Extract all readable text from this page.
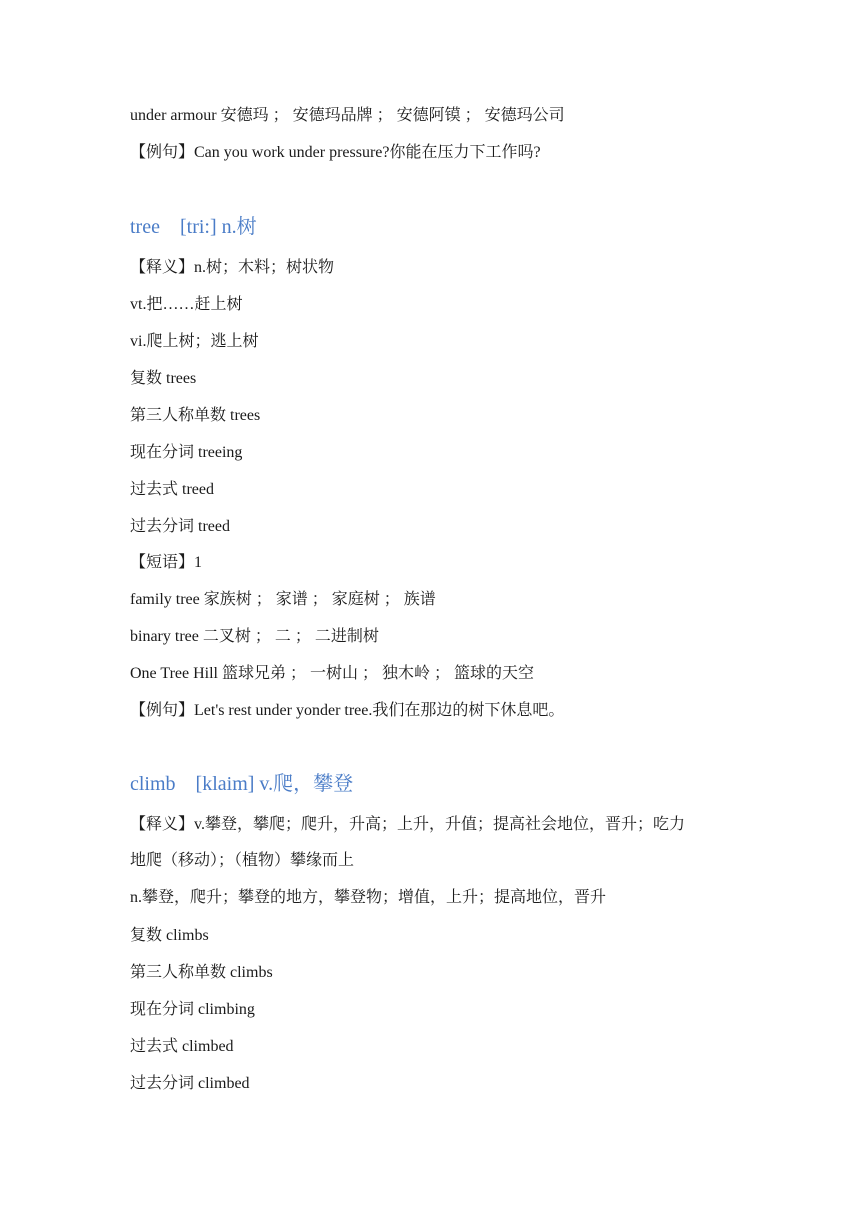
under armour 安德玛 ； 安德玛品牌 ； 安德阿镆 ； 安德玛公司
【例句】Can you work under pressure?你能在压力下工作吗?
tree [tri:] n.树
【释义】n.树；木料；树状物
vt.把……赶上树
vi.爬上树；逃上树
复数 trees
第三人称单数 trees
现在分词 treeing
过去式 treed
过去分词 treed
【短语】1
family tree 家族树 ； 家谱 ； 家庭树 ； 族谱
binary tree 二叉树 ； 二 ； 二进制树
One Tree Hill 篮球兄弟 ； 一树山 ； 独木岭 ； 篮球的天空
【例句】Let's rest under yonder tree.我们在那边的树下休息吧。
climb [klaim] v.爬，攀登
【释义】v.攀登，攀爬；爬升，升高；上升，升值；提高社会地位，晋升；吃力
地爬（移动）；（植物）攀缘而上
n.攀登，爬升；攀登的地方，攀登物；增值，上升；提高地位，晋升
复数 climbs
第三人称单数 climbs
现在分词 climbing
过去式 climbed
过去分词 climbed
